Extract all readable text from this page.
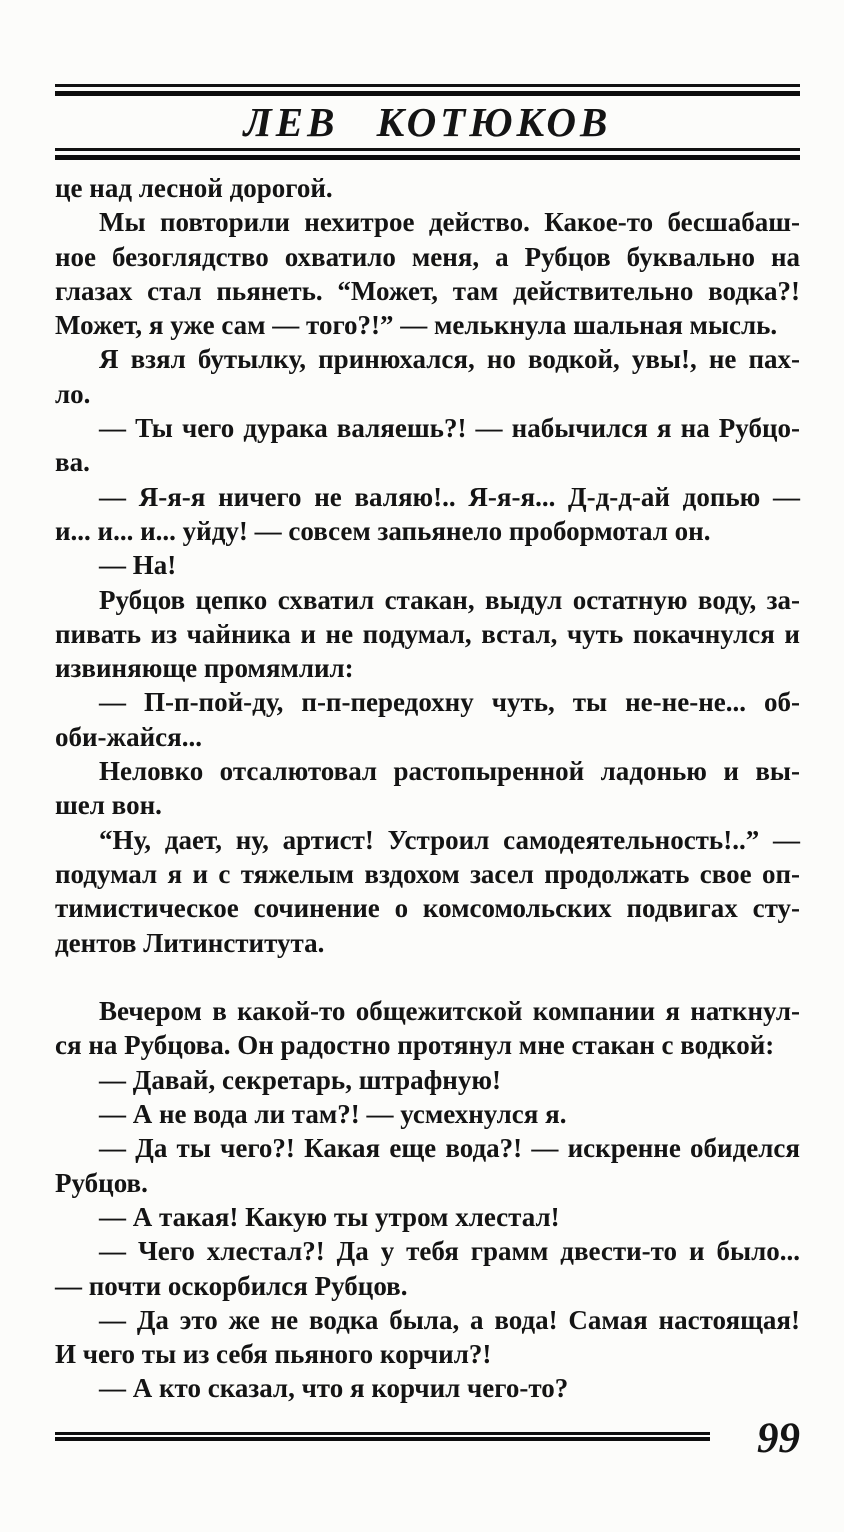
ЛЕВ КОТЮКОВ
це над лесной дорогой.
Мы повторили нехитрое действо. Какое-то бесшабаш-
ное безоглядство охватило меня, а Рубцов буквально на
глазах стал пьянеть. “Может, там действительно водка?!
Может, я уже сам — того?!” — мелькнула шальная мысль.
Я взял бутылку, принюхался, но водкой, увы!, не пах-
ло.
— Ты чего дурака валяешь?! — набычился я на Рубцо-
ва.
— Я-я-я ничего не валяю!.. Я-я-я... Д-д-д-ай допью —
и... и... и... уйду! — совсем запьянело пробормотал он.
— На!
Рубцов цепко схватил стакан, выдул остатную воду, за-
пивать из чайника и не подумал, встал, чуть покачнулся и
извиняюще промямлил:
— П-п-пой-ду, п-п-передохну чуть, ты не-не-не... об-
оби-жайся...
Неловко отсалютовал растопыренной ладонью и вы-
шел вон.
“Ну, дает, ну, артист! Устроил самодеятельность!..” —
подумал я и с тяжелым вздохом засел продолжать свое оп-
тимистическое сочинение о комсомольских подвигах сту-
дентов Литинститута.
Вечером в какой-то общежитской компании я наткнул-
ся на Рубцова. Он радостно протянул мне стакан с водкой:
— Давай, секретарь, штрафную!
— А не вода ли там?! — усмехнулся я.
— Да ты чего?! Какая еще вода?! — искренне обиделся
Рубцов.
— А такая! Какую ты утром хлестал!
— Чего хлестал?! Да у тебя грамм двести-то и было...
— почти оскорбился Рубцов.
— Да это же не водка была, а вода! Самая настоящая!
И чего ты из себя пьяного корчил?!
— А кто сказал, что я корчил чего-то?
99
